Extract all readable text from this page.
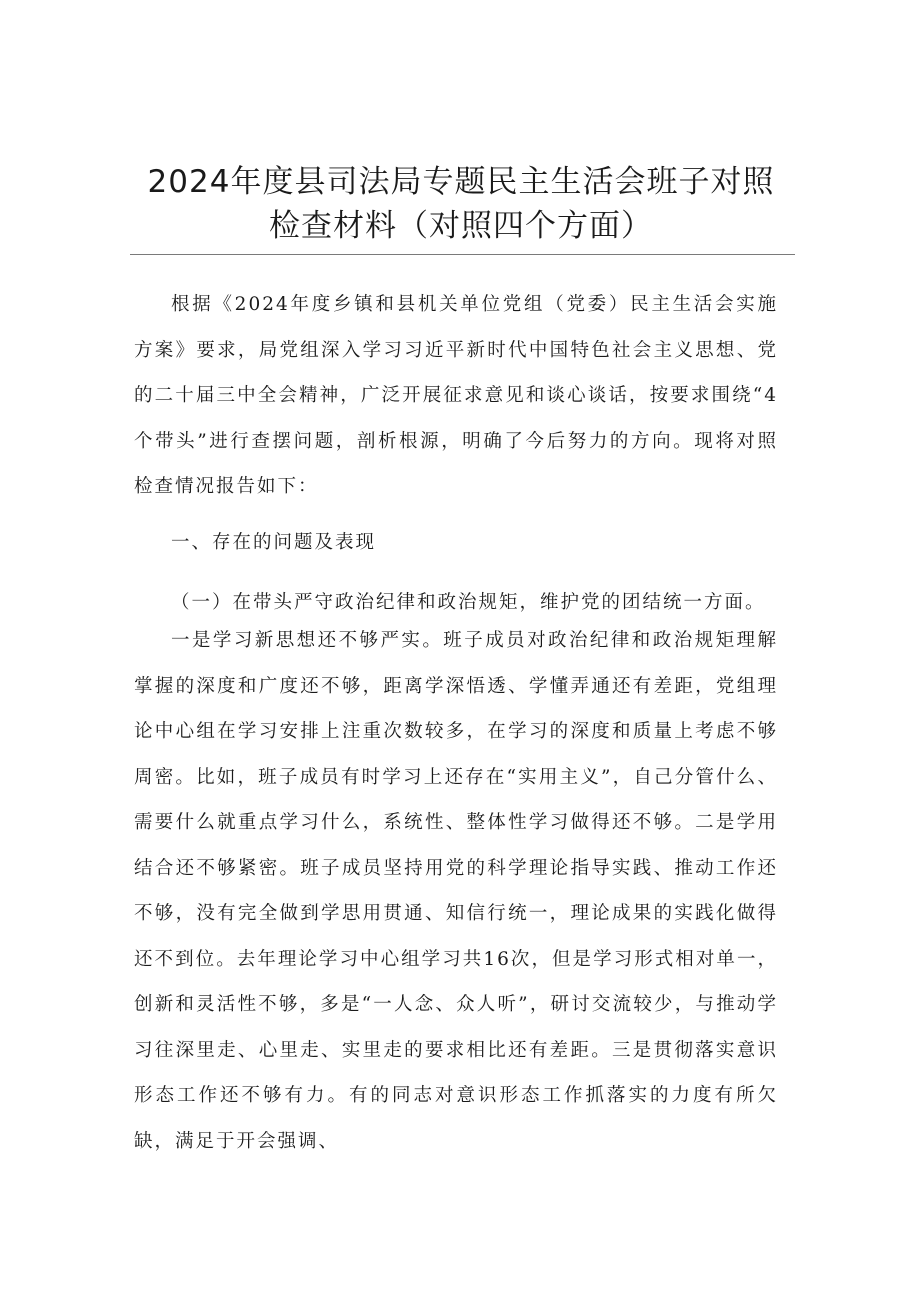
2024年度县司法局专题民主生活会班子对照
检查材料（对照四个方面）

根据《2024年度乡镇和县机关单位党组（党委）民主生活会实施方案》要求，局党组深入学习习近平新时代中国特色社会主义思想、党的二十届三中全会精神，广泛开展征求意见和谈心谈话，按要求围绕“4个带头”进行查摆问题，剖析根源，明确了今后努力的方向。现将对照检查情况报告如下：

一、存在的问题及表现

（一）在带头严守政治纪律和政治规矩，维护党的团结统一方面。

一是学习新思想还不够严实。班子成员对政治纪律和政治规矩理解掌握的深度和广度还不够，距离学深悟透、学懂弄通还有差距，党组理论中心组在学习安排上注重次数较多，在学习的深度和质量上考虑不够周密。比如，班子成员有时学习上还存在“实用主义”，自己分管什么、需要什么就重点学习什么，系统性、整体性学习做得还不够。二是学用结合还不够紧密。班子成员坚持用党的科学理论指导实践、推动工作还不够，没有完全做到学思用贯通、知信行统一，理论成果的实践化做得还不到位。去年理论学习中心组学习共16次，但是学习形式相对单一，创新和灵活性不够，多是“一人念、众人听”，研讨交流较少，与推动学习往深里走、心里走、实里走的要求相比还有差距。三是贯彻落实意识形态工作还不够有力。有的同志对意识形态工作抓落实的力度有所欠缺，满足于开会强调、
